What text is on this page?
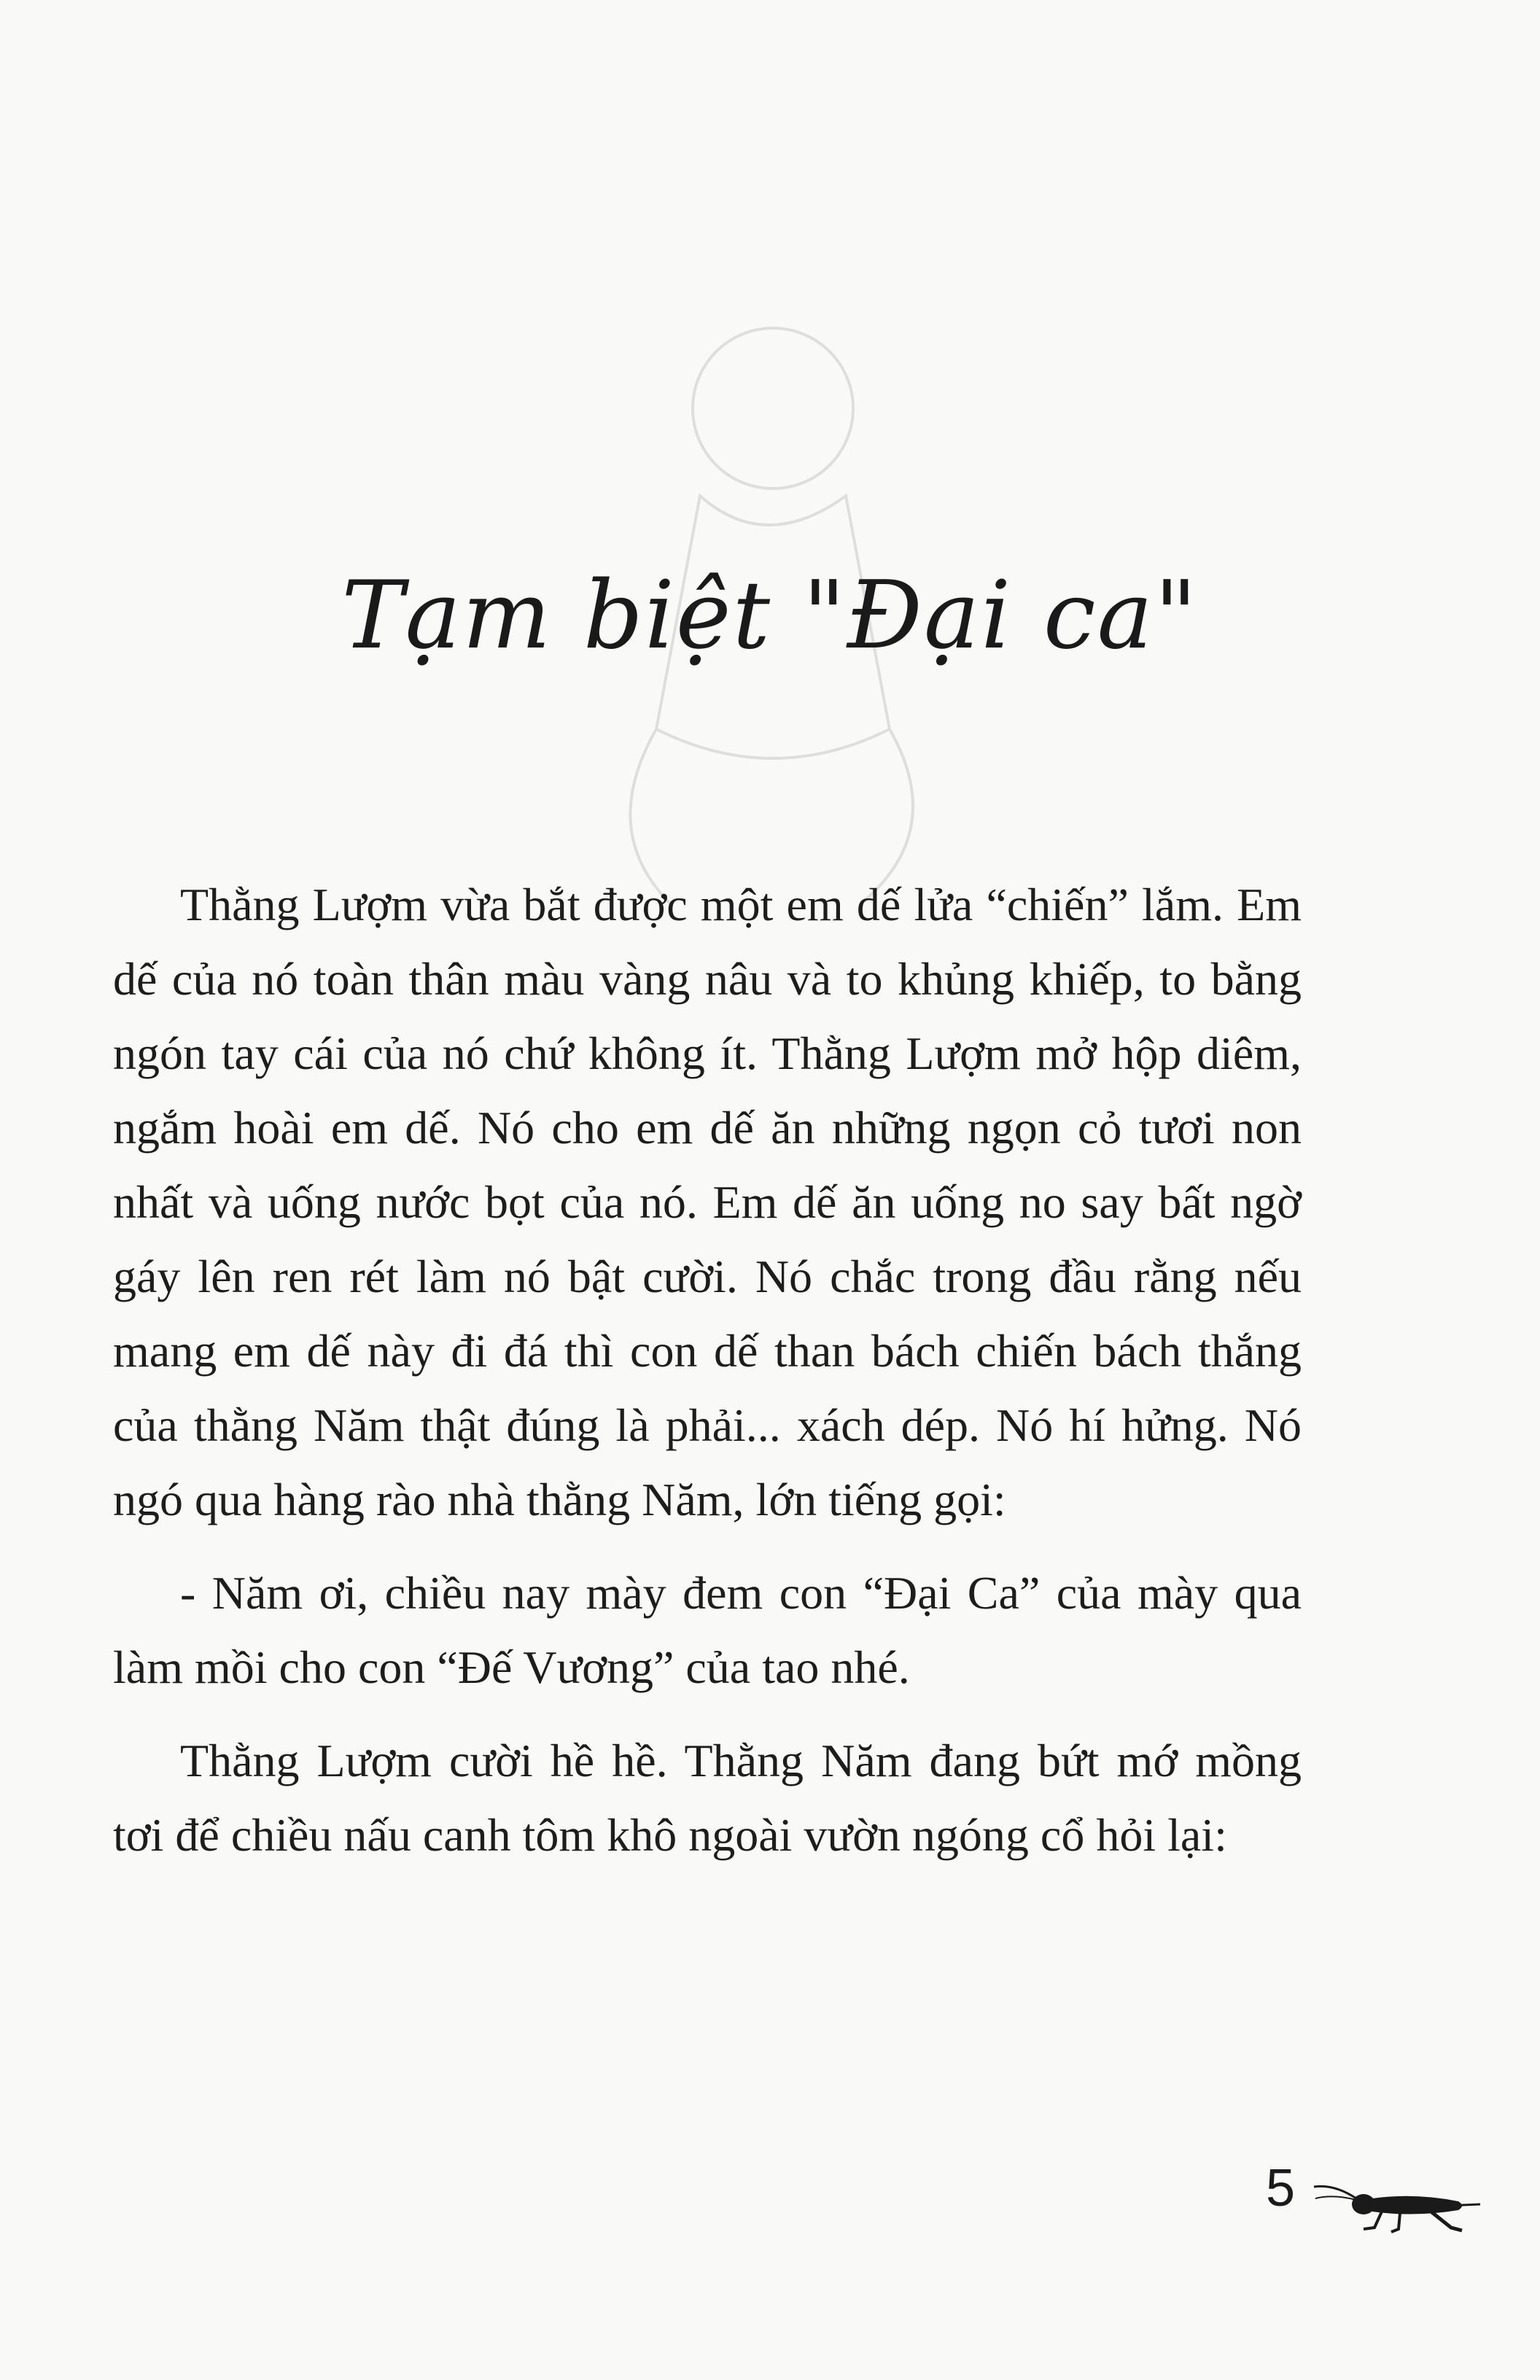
Tạm biệt "Đại ca"

Thằng Lượm vừa bắt được một em dế lửa “chiến” lắm. Em dế của nó toàn thân màu vàng nâu và to khủng khiếp, to bằng ngón tay cái của nó chứ không ít. Thằng Lượm mở hộp diêm, ngắm hoài em dế. Nó cho em dế ăn những ngọn cỏ tươi non nhất và uống nước bọt của nó. Em dế ăn uống no say bất ngờ gáy lên ren rét làm nó bật cười. Nó chắc trong đầu rằng nếu mang em dế này đi đá thì con dế than bách chiến bách thắng của thằng Năm thật đúng là phải... xách dép. Nó hí hửng. Nó ngó qua hàng rào nhà thằng Năm, lớn tiếng gọi:

- Năm ơi, chiều nay mày đem con “Đại Ca” của mày qua làm mồi cho con “Đế Vương” của tao nhé.

Thằng Lượm cười hề hề. Thằng Năm đang bứt mớ mồng tơi để chiều nấu canh tôm khô ngoài vườn ngóng cổ hỏi lại:

5
